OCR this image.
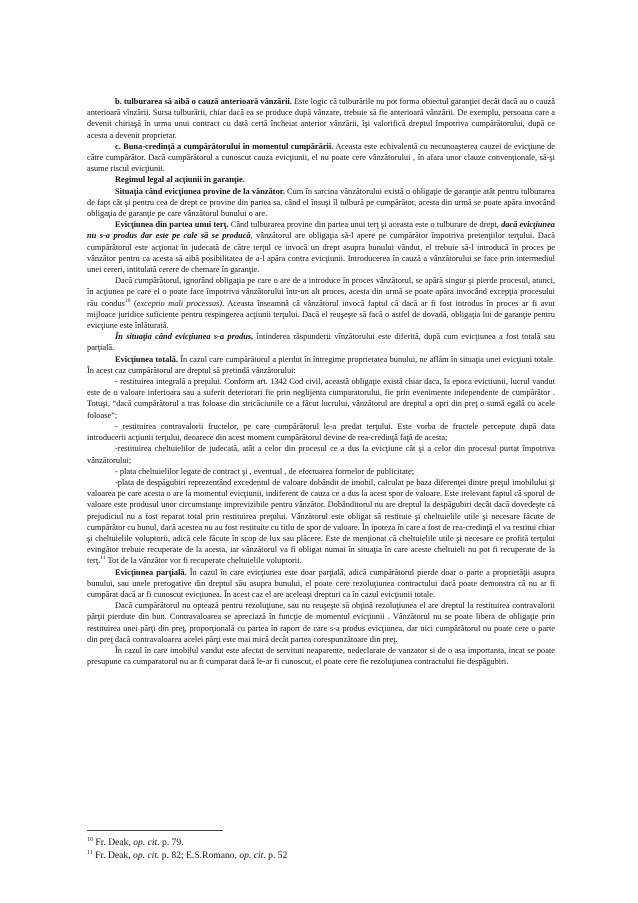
b. tulburarea să aibă o cauză anterioară vânzării. Este logic că tulburările nu pot forma obiectul garanţiei decât dacă au o cauză anterioară vînzării. Sursa tulburării, chiar dacă ea se produce după vânzare, trebuie să fie anterioară vânzării. De exemplu, persoana care a devenit chiriaşă în urma unui contract cu dată certă încheiat anterior vânzării, îşi valorifică dreptul împotriva cumpărătorului, după ce acesta a devenit proprietar.

c. Buna-credinţă a cumpărătorului în momentul cumpărării. Aceasta este echivalentă cu necunoaşterea cauzei de evicţiune de către cumpărător. Dacă cumpărătorul a cunoscut cauza evicţiunii, el nu poate cere vânzătorului , în afara unor clauze convenţionale, să-şi asume riscul evicţiunii.

Regimul legal al acţiunii în garanţie.

Situaţia când evicţiunea provine de la vânzător. Cum în sarcina vânzătorului există o obligaţie de garanţie atât pentru tulburarea de fapt cât şi pentru cea de drept ce provine din partea sa, când el însuşi îl tulbură pe cumpărător, acesta din urmă se poate apăra invocând obligaţia de garanţie pe care vânzătorul bunului o are.

Evicţiunea din partea unui terţ. Când tulburarea provine din partea unui terţ şi aceasta este o tulburare de drept, dacă evicţiunea nu s-a produs dar este pe cale să se producă, vânzătorul are obligaţia să-l apere pe cumpărător împotriva pretenţiilor terţului. Dacă cumpărătorul este acţionat în judecată de către terţul ce invocă un drept asupra bunului vândut, el trebuie să-l introducă în proces pe vânzător pentru ca acesta să aibă posibilitatea de a-l apăra contra evicţiunii. Introducerea în cauză a vânzătorului se face prin intermediul unei cereri, intitulată cerere de chemare în garanţie.

Dacă cumpărătorul, ignorând obligaţia pe care o are de a introduce în proces vânzătorul, se apără singur şi pierde procesul, atunci, în acţiunea pe care el o poate face împotriva vânzătorului într-un alt proces, acesta din urmă se poate apăra invocând excepţia procesului rău condus$^{10}$ (exceptio mali processus). Aceasta înseamnă că vânzătorul invocă faptul că dacă ar fi fost introdus în proces ar fi avut mijloace juridice suficiente pentru respingerea acţiunii terţului. Dacă el reuşeşte să facă o astfel de dovadă, obligaţia lui de garanţie pentru evicţiune este înlăturată.

În situaţia când evicţiunea s-a produs, întinderea răspunderii vînzătorului este diferită, după cum evicţiunea a fost totală sau parţială.

Evicţiunea totală. În cazul care cumpărătorul a pierdut în întregime proprietatea bunului, ne aflăm în situaţia unei evicţiuni totale. În acest caz cumpărătorul are dreptul să pretindă vânzătorului:

- restituirea integrală a preţului. Conform art. 1342 Cod civil, această obligaţie există chiar daca, la epoca evictiunii, lucrul vandut este de o valoare inferioara sau a suferit deteriorari fie prin neglijenta cumparatorului, fie prin evenimente independente de cumpărător . Totuşi, “dacă cumpărătorul a tras foloase din stricăciunile ce a făcut lucrului, vânzătorul are dreptul a opri din preţ o sumă egală cu acele foloase”;

- restituirea contravalorii fructelor, pe care cumpărătorul le-a predat terţului. Este vorba de fructele percepute după data introducerii acţiunii terţului, deoarece din acest moment cumpărătorul devine de rea-credinţă faţă de acesta;

-restituirea cheltuielilor de judecată, atât a celor din procesul ce a dus la evicţiune cât şi a celor din procesul purtat împotriva vânzătorului;

- plata cheltuielilor legate de contract şi , eventual , de efectuarea formelor de publicitate;

-plata de despăgubiri reprezentând excedentul de valoare dobândit de imobil, calculat pe baza diferenţei dintre preţul imobilului şi valoarea pe care acesta o are la momentul evicţiunii, indiferent de cauza ce a dus la acest spor de valoare. Este irelevant faptul că sporul de valoare este produsul unor circumstanţe imprevizibile pentru vânzător. Dobânditorul nu are dreptul la despăgubiri decât dacă dovedeşte că prejudiciul nu a fost reparat total prin restituirea preţului. Vânzătorul este obligat să restituie şi cheltuielile utile şi necesare făcute de cumpărător cu bunul, dacă acestea nu au fost restituite cu titlu de spor de valoare. În ipoteza în care a fost de rea-credinţă el va restitui chiar şi cheltuielile voluptorii, adică cele făcute în scop de lux sau plăcere. Este de menţionat că cheltuielile utile şi necesare ce profită terţului evingător trebuie recuperate de la acesta, iar vânzătorul va fi obligat numai în situaţia în care aceste cheltuieli nu pot fi recuperate de la terţ.$^{11}$ Tot de la vânzător vor fi recuperate cheltuielile voluptorii.

Evicţiunea parţială. În cazul în care evicţiunea este doar parţială, adică cumpărătorul pierde doar o parte a proprietăţii asupra bunului, sau unele prerogative din dreptul său asupra bunului, el poate cere rezoluţiunea contractului dacă poate demonstra că nu ar fi cumpărat dacă ar fi cunoscut evicţiunea. În acest caz el are aceleaşi drepturi ca în cazul evicţiunii totale.

Dacă cumpărătorul nu optează pentru rezoluţiune, sau nu reuşeşte să obţină rezoluţiunea el are dreptul la restituirea contravalorii părţii pierdute din bun. Contravaloarea se apreciază în funcţie de momentul evicţiunii . Vânzătorul nu se poate libera de obligaţie prin restituirea unei părţi din preţ, proporţională cu partea în raport de care s-a produs evicţiunea, dar nici cumpărătorul nu poate cere o parte din preţ dacă contravaloarea acelei părţi este mai mică decât partea corespunzătoare din preţ.

În cazul în care imobilul vandut este afectat de servituti neaparente, nedeclarate de vanzator si de o asa importanta, incat se poate presupune ca cumparatorul nu ar fi cumparat dacă le-ar fi cunoscut, el poate cere fie rezoluţiunea contractului fie despăgubiri.

$^{10}$ Fr. Deak, op. cit. p. 79.

$^{11}$ Fr. Deak, op. cit. p. 82; E.S.Romano, op. cit. p. 52
